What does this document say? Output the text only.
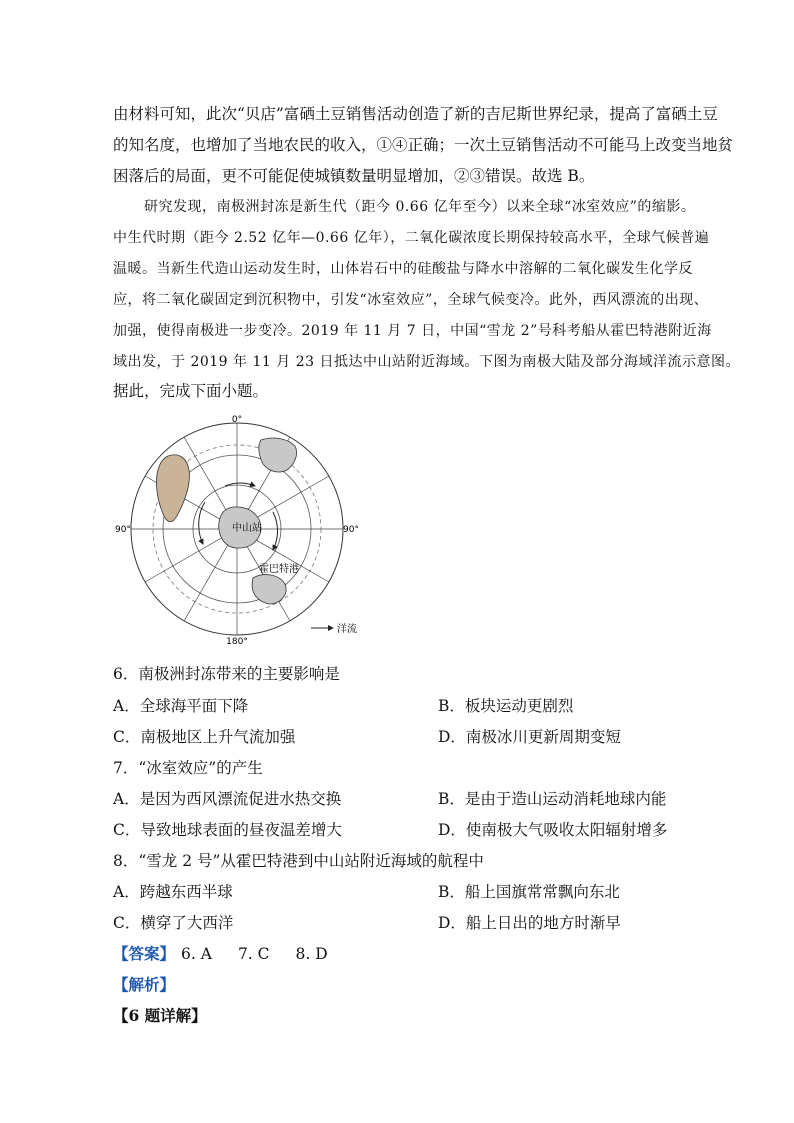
由材料可知，此次“贝店”富硒土豆销售活动创造了新的吉尼斯世界纪录，提高了富硒土豆
的知名度，也增加了当地农民的收入，①④正确；一次土豆销售活动不可能马上改变当地贫
困落后的局面，更不可能促使城镇数量明显增加，②③错误。故选 B。
研究发现，南极洲封冻是新生代（距今 0.66 亿年至今）以来全球“冰室效应”的缩影。
中生代时期（距今 2.52 亿年—0.66 亿年），二氧化碳浓度长期保持较高水平，全球气候普遍
温暖。当新生代造山运动发生时，山体岩石中的硅酸盐与降水中溶解的二氧化碳发生化学反
应，将二氧化碳固定到沉积物中，引发“冰室效应”，全球气候变冷。此外，西风漂流的出现、
加强，使得南极进一步变冷。2019 年 11 月 7 日，中国“雪龙 2”号科考船从霍巴特港附近海
域出发，于 2019 年 11 月 23 日抵达中山站附近海域。下图为南极大陆及部分海域洋流示意图。
据此，完成下面小题。
0°
90°	90°
180°
中山站
霍巴特港
洋流
6．南极洲封冻带来的主要影响是
A．全球海平面下降	B．板块运动更剧烈
C．南极地区上升气流加强	D．南极冰川更新周期变短
7．“冰室效应”的产生
A．是因为西风漂流促进水热交换	B．是由于造山运动消耗地球内能
C．导致地球表面的昼夜温差增大	D．使南极大气吸收太阳辐射增多
8．“雪龙 2 号”从霍巴特港到中山站附近海域的航程中
A．跨越东西半球	B．船上国旗常常飘向东北
C．横穿了大西洋	D．船上日出的地方时渐早
【答案】 6. A 7. C 8. D
【解析】
【6 题详解】
